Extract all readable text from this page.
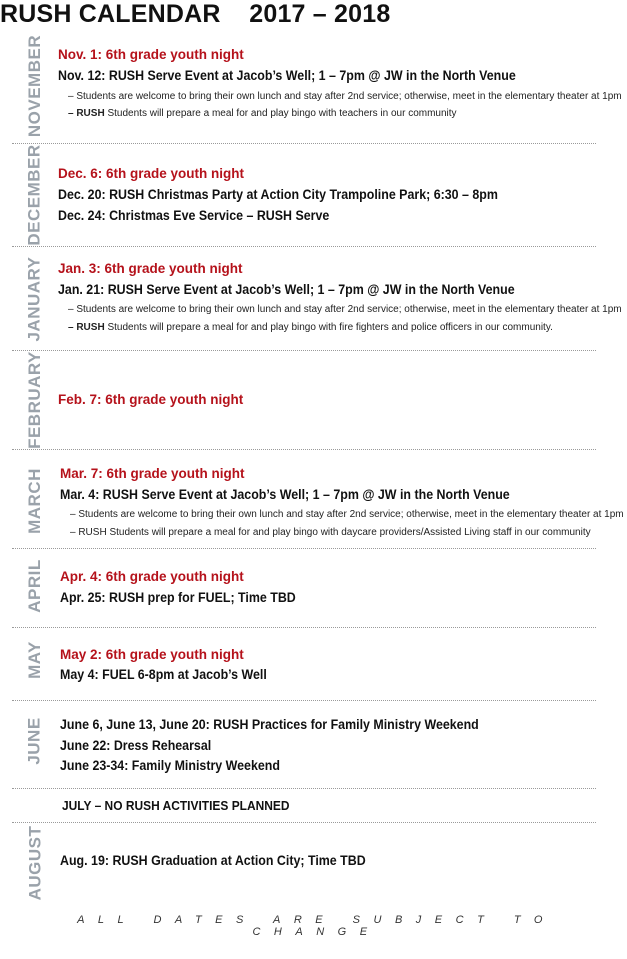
RUSH CALENDAR    2017 – 2018
NOVEMBER Nov. 1: 6th grade youth night
Nov. 12: RUSH Serve Event at Jacob’s Well; 1 – 7pm @ JW in the North Venue
– Students are welcome to bring their own lunch and stay after 2nd service; otherwise, meet in the elementary theater at 1pm
– RUSH Students will prepare a meal for and play bingo with teachers in our community
DECEMBER Dec. 6: 6th grade youth night
Dec. 20: RUSH Christmas Party at Action City Trampoline Park; 6:30 – 8pm
Dec. 24: Christmas Eve Service – RUSH Serve
JANUARY Jan. 3: 6th grade youth night
Jan. 21: RUSH Serve Event at Jacob’s Well; 1 – 7pm @ JW in the North Venue
– Students are welcome to bring their own lunch and stay after 2nd service; otherwise, meet in the elementary theater at 1pm
– RUSH Students will prepare a meal for and play bingo with fire fighters and police officers in our community.
FEBRUARY Feb. 7: 6th grade youth night
MARCH Mar. 7: 6th grade youth night
Mar. 4: RUSH Serve Event at Jacob’s Well; 1 – 7pm @ JW in the North Venue
– Students are welcome to bring their own lunch and stay after 2nd service; otherwise, meet in the elementary theater at 1pm
– RUSH Students will prepare a meal for and play bingo with daycare providers/Assisted Living staff in our community
APRIL Apr. 4: 6th grade youth night
Apr. 25: RUSH prep for FUEL; Time TBD
MAY May 2: 6th grade youth night
May 4: FUEL 6-8pm at Jacob’s Well
JUNE June 6, June 13, June 20: RUSH Practices for Family Ministry Weekend
June 22: Dress Rehearsal
June 23-34: Family Ministry Weekend
JULY – NO RUSH ACTIVITIES PLANNED
AUGUST Aug. 19: RUSH Graduation at Action City; Time TBD
ALL DATES ARE SUBJECT TO CHANGE
